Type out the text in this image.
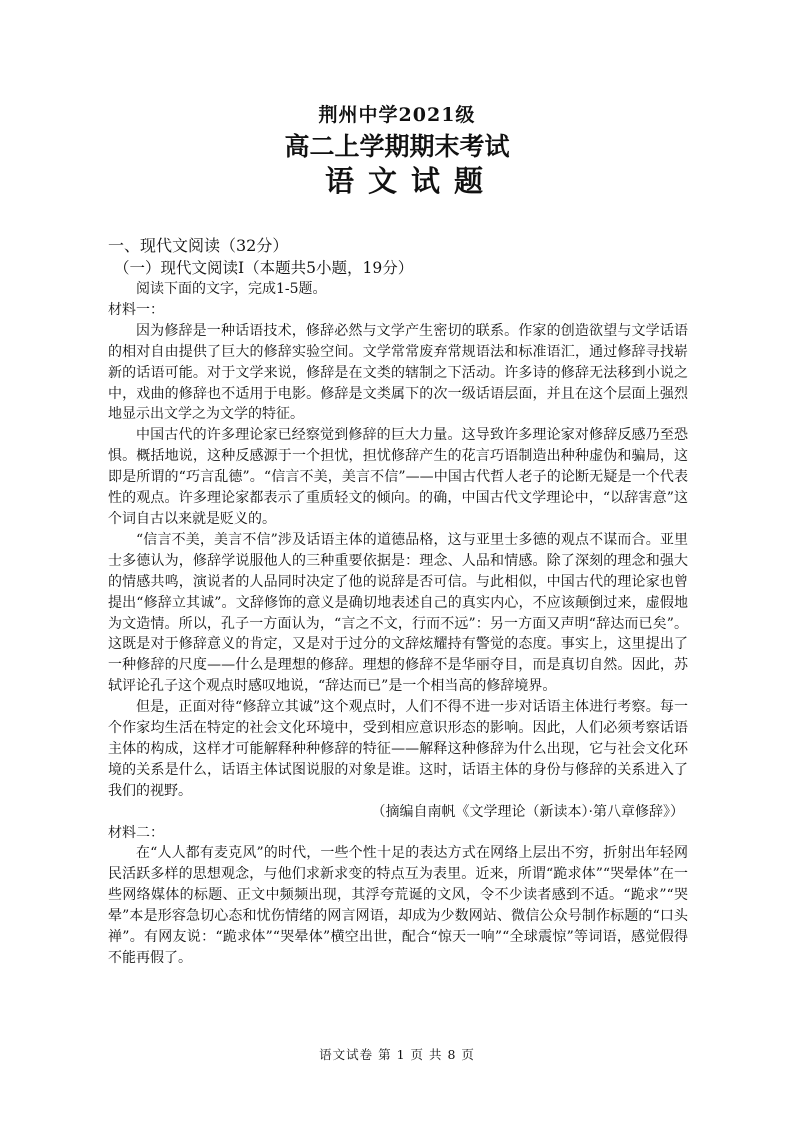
荆州中学2021级
高二上学期期末考试
语文试题

一、现代文阅读（32分）

（一）现代文阅读Ⅰ（本题共5小题，19分）

阅读下面的文字，完成1-5题。

材料一：

因为修辞是一种话语技术，修辞必然与文学产生密切的联系。作家的创造欲望与文学话语的相对自由提供了巨大的修辞实验空间。文学常常废弃常规语法和标准语汇，通过修辞寻找崭新的话语可能。对于文学来说，修辞是在文类的辖制之下活动。许多诗的修辞无法移到小说之中，戏曲的修辞也不适用于电影。修辞是文类属下的次一级话语层面，并且在这个层面上强烈地显示出文学之为文学的特征。

中国古代的许多理论家已经察觉到修辞的巨大力量。这导致许多理论家对修辞反感乃至恐惧。概括地说，这种反感源于一个担忧，担忧修辞产生的花言巧语制造出种种虚伪和骗局，这即是所谓的“巧言乱德”。“信言不美，美言不信”——中国古代哲人老子的论断无疑是一个代表性的观点。许多理论家都表示了重质轻文的倾向。的确，中国古代文学理论中，“以辞害意”这个词自古以来就是贬义的。

“信言不美，美言不信”涉及话语主体的道德品格，这与亚里士多德的观点不谋而合。亚里士多德认为，修辞学说服他人的三种重要依据是：理念、人品和情感。除了深刻的理念和强大的情感共鸣，演说者的人品同时决定了他的说辞是否可信。与此相似，中国古代的理论家也曾提出“修辞立其诚”。文辞修饰的意义是确切地表述自己的真实内心，不应该颠倒过来，虚假地为文造情。所以，孔子一方面认为，“言之不文，行而不远”：另一方面又声明“辞达而已矣”。这既是对于修辞意义的肯定，又是对于过分的文辞炫耀持有警觉的态度。事实上，这里提出了一种修辞的尺度——什么是理想的修辞。理想的修辞不是华丽夺目，而是真切自然。因此，苏轼评论孔子这个观点时感叹地说，“辞达而已”是一个相当高的修辞境界。

但是，正面对待“修辞立其诚”这个观点时，人们不得不进一步对话语主体进行考察。每一个作家均生活在特定的社会文化环境中，受到相应意识形态的影响。因此，人们必须考察话语主体的构成，这样才可能解释种种修辞的特征——解释这种修辞为什么出现，它与社会文化环境的关系是什么，话语主体试图说服的对象是谁。这时，话语主体的身份与修辞的关系进入了我们的视野。

（摘编自南帆《文学理论（新读本）·第八章修辞》）

材料二：

在“人人都有麦克风”的时代，一些个性十足的表达方式在网络上层出不穷，折射出年轻网民活跃多样的思想观念，与他们求新求变的特点互为表里。近来，所谓“跪求体”“哭晕体”在一些网络媒体的标题、正文中频频出现，其浮夸荒诞的文风，令不少读者感到不适。“跪求”“哭晕”本是形容急切心态和忧伤情绪的网言网语，却成为少数网站、微信公众号制作标题的“口头禅”。有网友说：“跪求体”“哭晕体”横空出世，配合“惊天一响”“全球震惊”等词语，感觉假得不能再假了。

语文试卷 第 1 页 共 8 页
